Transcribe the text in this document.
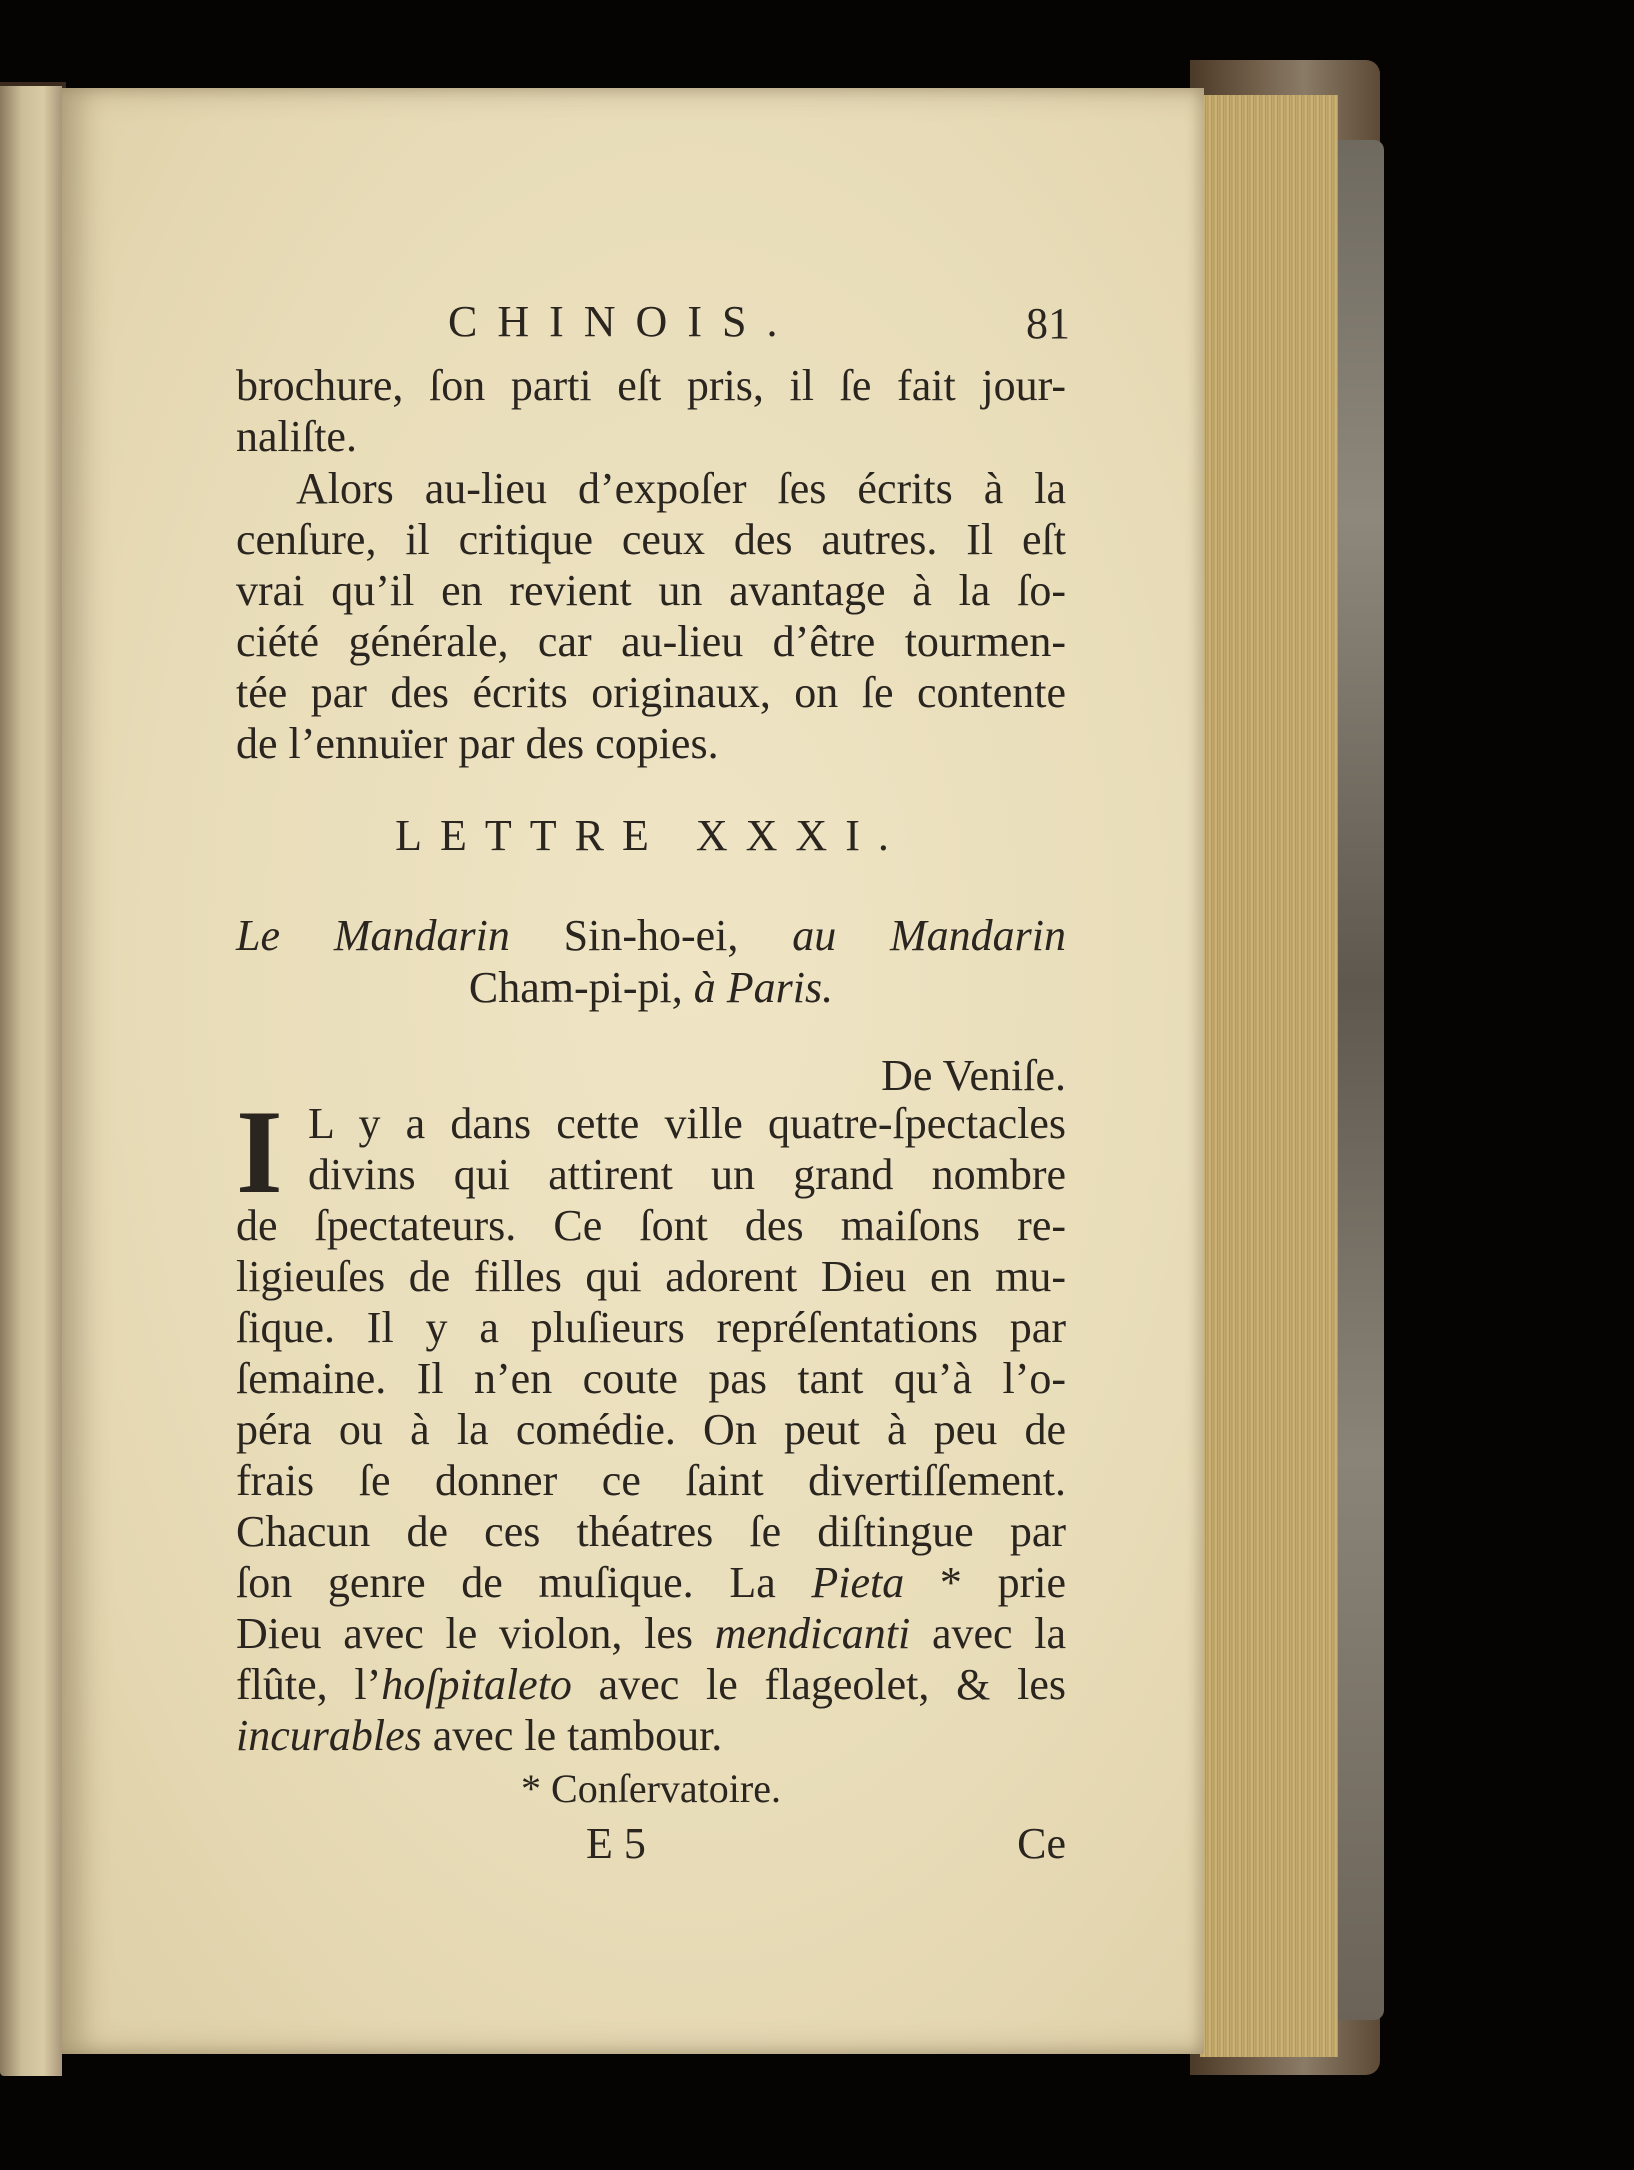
CHINOIS.	81
brochure, ſon parti eſt pris, il ſe fait jour-
naliſte.
Alors au-lieu d’expoſer ſes écrits à la
cenſure, il critique ceux des autres. Il eſt
vrai qu’il en revient un avantage à la ſo-
ciété générale, car au-lieu d’être tourmen-
tée par des écrits originaux, on ſe contente
de l’ennuïer par des copies.
LETTRE XXXI.
Le Mandarin Sin-ho-ei, au Mandarin
Cham-pi-pi, à Paris.
De Veniſe.
I L y a dans cette ville quatre-ſpectacles
divins qui attirent un grand nombre
de ſpectateurs. Ce ſont des maiſons re-
ligieuſes de filles qui adorent Dieu en mu-
ſique. Il y a pluſieurs repréſentations par
ſemaine. Il n’en coute pas tant qu’à l’o-
péra ou à la comédie. On peut à peu de
frais ſe donner ce ſaint divertiſſement.
Chacun de ces théatres ſe diſtingue par
ſon genre de muſique. La Pieta * prie
Dieu avec le violon, les mendicanti avec la
flûte, l’hoſpitaleto avec le flageolet, & les
incurables avec le tambour.
* Conſervatoire.
E 5	Ce
